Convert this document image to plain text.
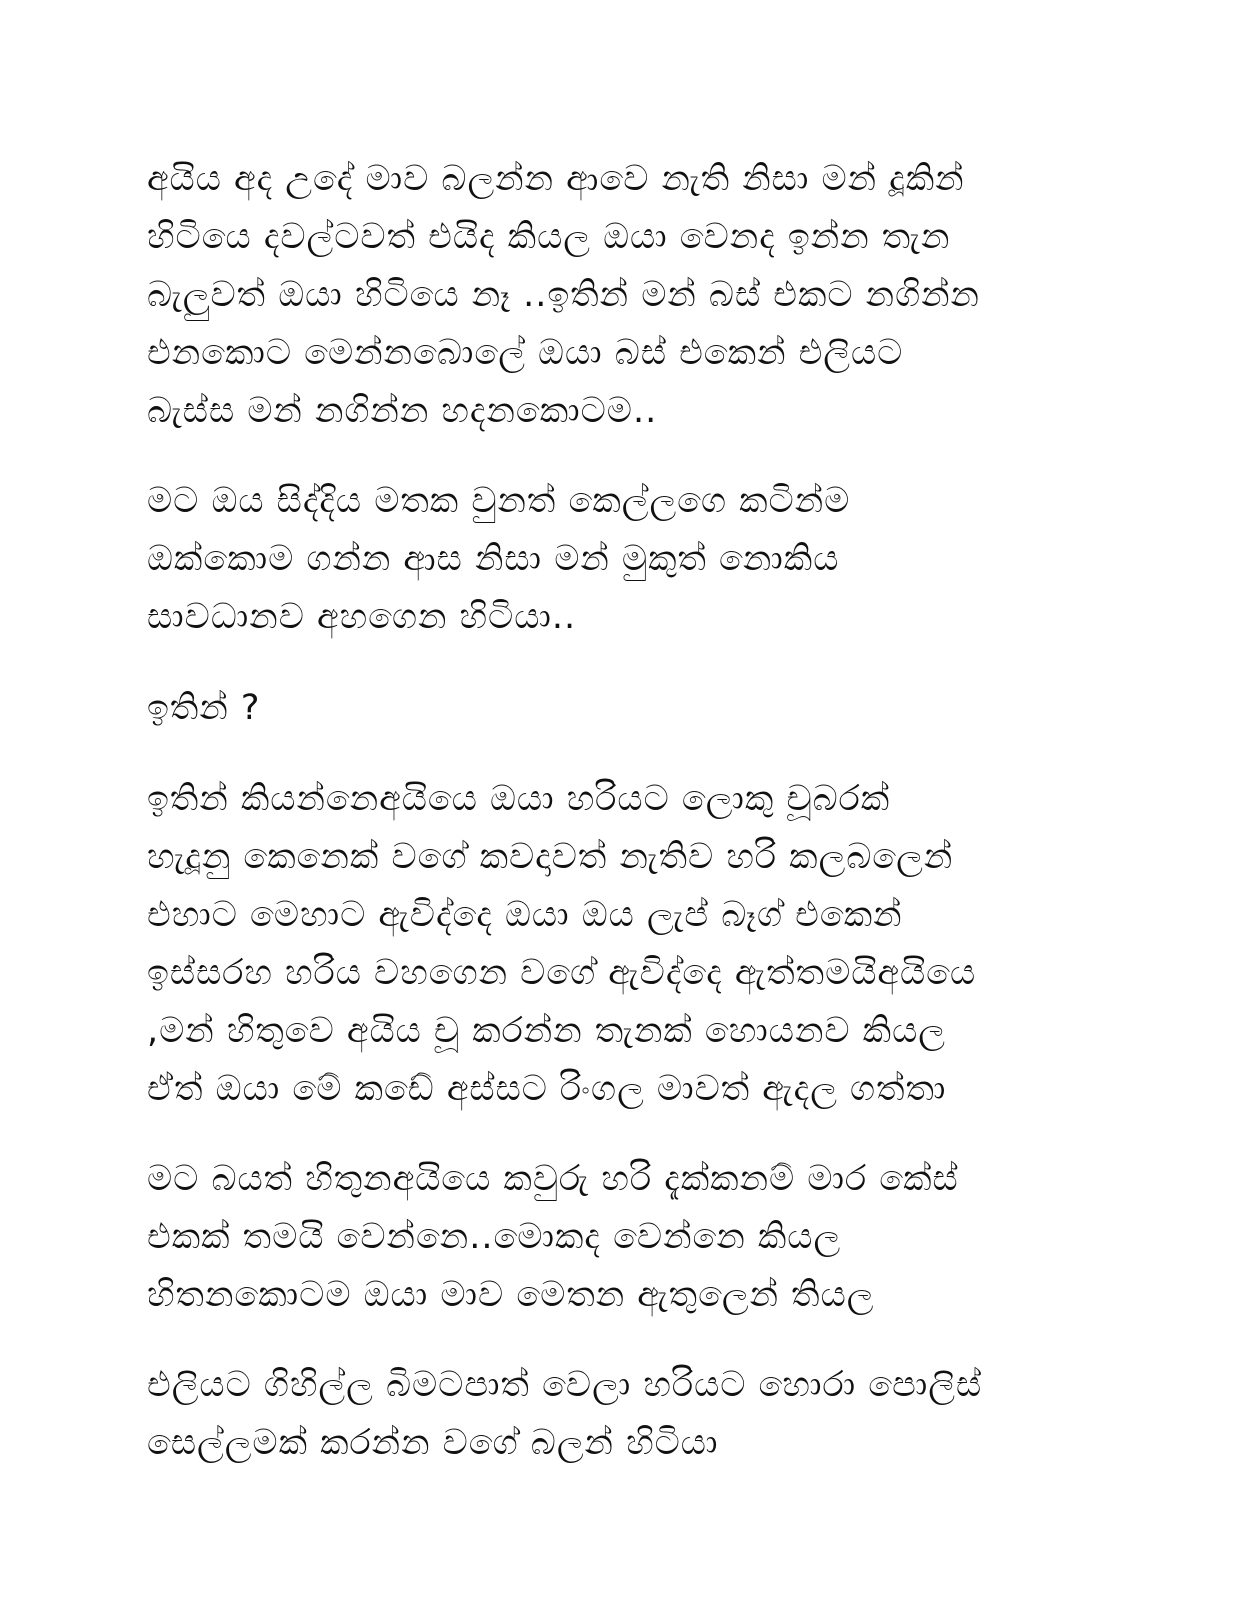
අයිය අද උදේ මාව බලන්න ආවෙ නැති නිසා මන් දූකින්
හිටියෙ දවල්ටවත් එයිද කියල ඔයා වෙනද ඉන්න තැන
බැලුවත් ඔයා හිටියෙ නෑ ..ඉතින් මන් බස් එකට නගින්න
එනකොට මෙන්නබොලේ ඔයා බස් එකෙන් එලියට
බැස්ස මන් නගින්න හදනකොටම..

මට ඔය සිද්දිය මතක වුනත් කෙල්ලගෙ කටින්ම
ඔක්කොම ගන්න ආස නිසා මන් මුකුත් නොකිය
සාවධානව අහගෙන හිටියා..

ඉතින් ?

ඉතින් කියන්නෙඅයියෙ ඔයා හරියට ලොකු චූබරක්
හැදූනු කෙනෙක් වගේ කවදාවත් නැතිව හරි කලබලෙන්
එහාට මෙහාට ඇවිද්දෙ ඔයා ඔය ලැප් බෑග් එකෙන්
ඉස්සරහ හරිය වහගෙන වගේ ඇවිද්දෙ ඇත්තමයිඅයියෙ
,මන් හිතුවෙ අයිය චූ කරන්න තැනක් හොයනව කියල
ඒත් ඔයා මේ කඩේ අස්සට රිංගල මාවත් ඇදල ගත්තා

මට බයත් හිතුනඅයියෙ කවුරු හරි දැක්කනම් මාර කේස්
එකක් තමයි වෙන්නෙ..මොකද වෙන්නෙ කියල
හිතනකොටම ඔයා මාව මෙතන ඇතුලෙන් තියල

එලියට ගිහිල්ල බිමටපාත් වෙලා හරියට හොරා පොලිස්
සෙල්ලමක් කරන්න වගේ බලන් හිටියා
